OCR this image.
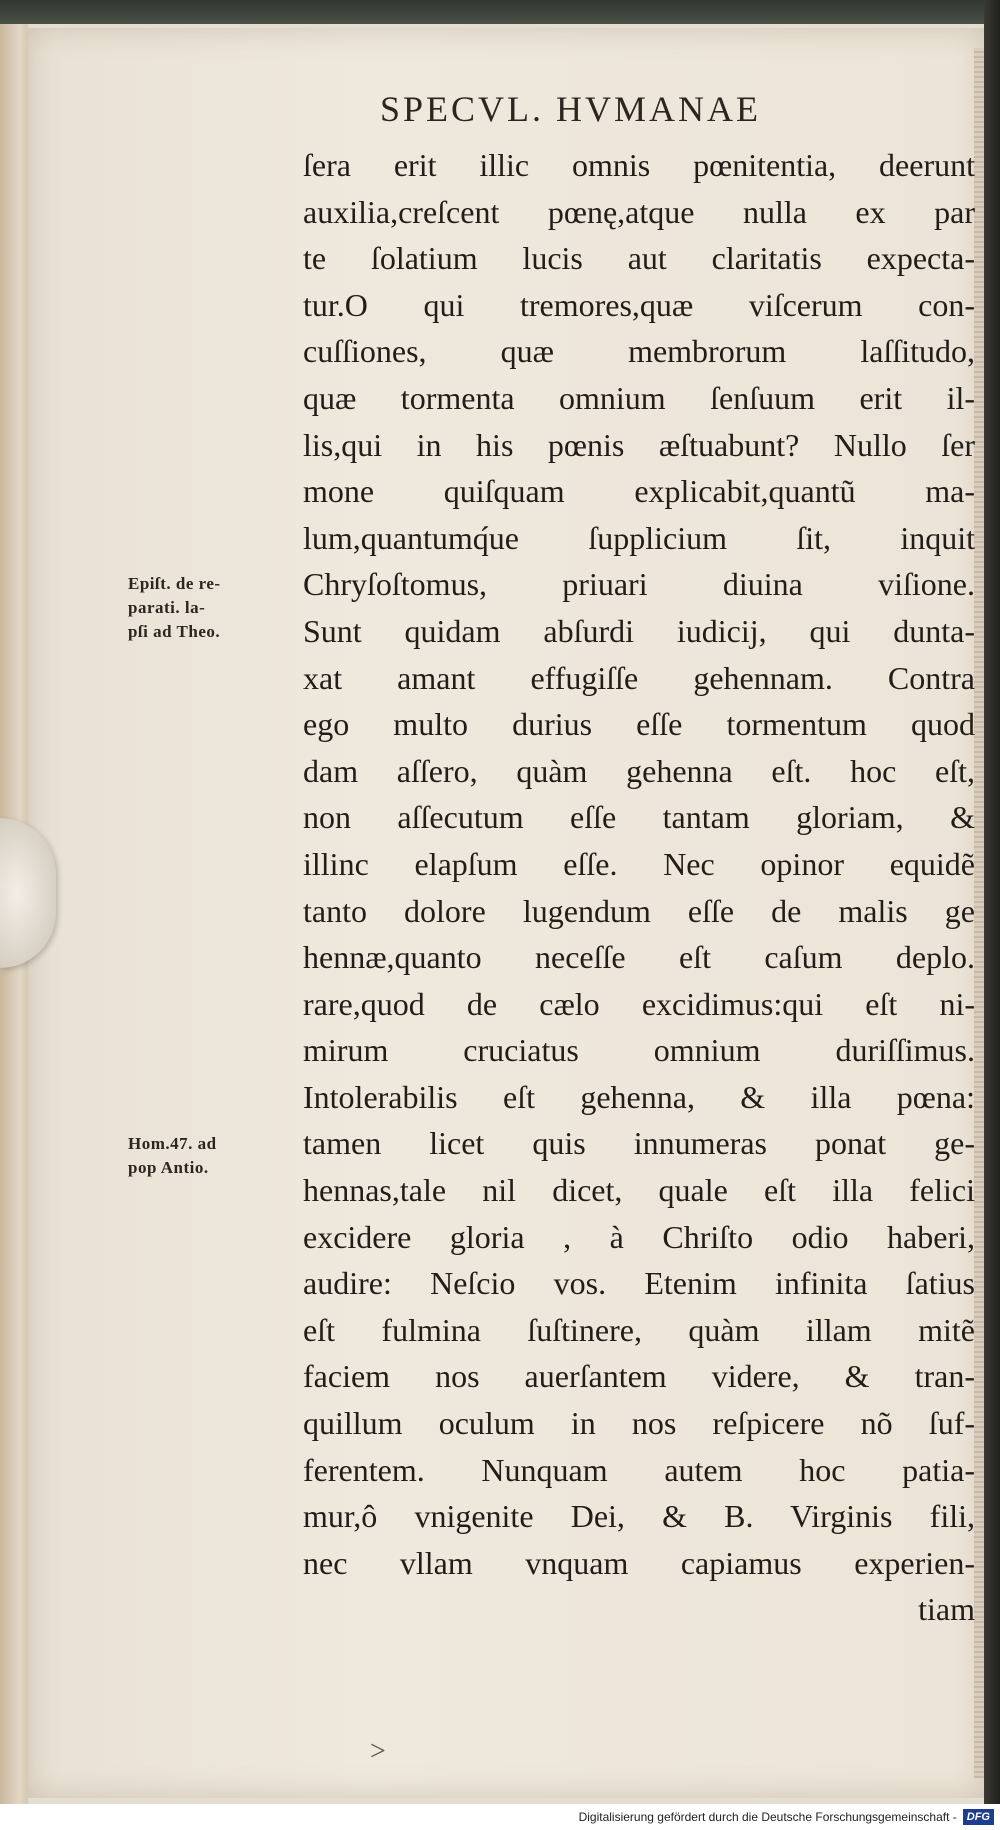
SPECVL. HVMANAE
Epiſt. de re-
parati. la-
pſi ad Theo.
Hom.47. ad
pop Antio.
ſera erit illic omnis pœnitentia, deerunt
auxilia,creſcent pœnę,atque nulla ex par
te ſolatium lucis aut claritatis expecta-
tur.O qui tremores,quæ viſcerum con-
cuſſiones, quæ membrorum laſſitudo,
quæ tormenta omnium ſenſuum erit il-
lis,qui in his pœnis æſtuabunt? Nullo ſer
mone quiſquam explicabit,quantũ ma-
lum,quantumq́ue ſupplicium ſit, inquit
Chryſoſtomus, priuari diuina viſione.
Sunt quidam abſurdi iudicij, qui dunta-
xat amant effugiſſe gehennam. Contra
ego multo durius eſſe tormentum quod
dam aſſero, quàm gehenna eſt. hoc eſt,
non aſſecutum eſſe tantam gloriam, &
illinc elapſum eſſe. Nec opinor equidẽ
tanto dolore lugendum eſſe de malis ge
hennæ,quanto neceſſe eſt caſum deplo.
rare,quod de cælo excidimus:qui eſt ni-
mirum cruciatus omnium duriſſimus.
Intolerabilis eſt gehenna, & illa pœna:
tamen licet quis innumeras ponat ge-
hennas,tale nil dicet, quale eſt illa felici
excidere gloria , à Chriſto odio haberi,
audire: Neſcio vos. Etenim infinita ſatius
eſt fulmina ſuſtinere, quàm illam mitẽ
faciem nos auerſantem videre, & tran-
quillum oculum in nos reſpicere nõ ſuf-
ferentem. Nunquam autem hoc patia-
mur,ô vnigenite Dei, & B. Virginis fili,
nec vllam vnquam capiamus experien-
tiam
>
Digitalisierung gefördert durch die Deutsche Forschungsgemeinschaft - DFG
